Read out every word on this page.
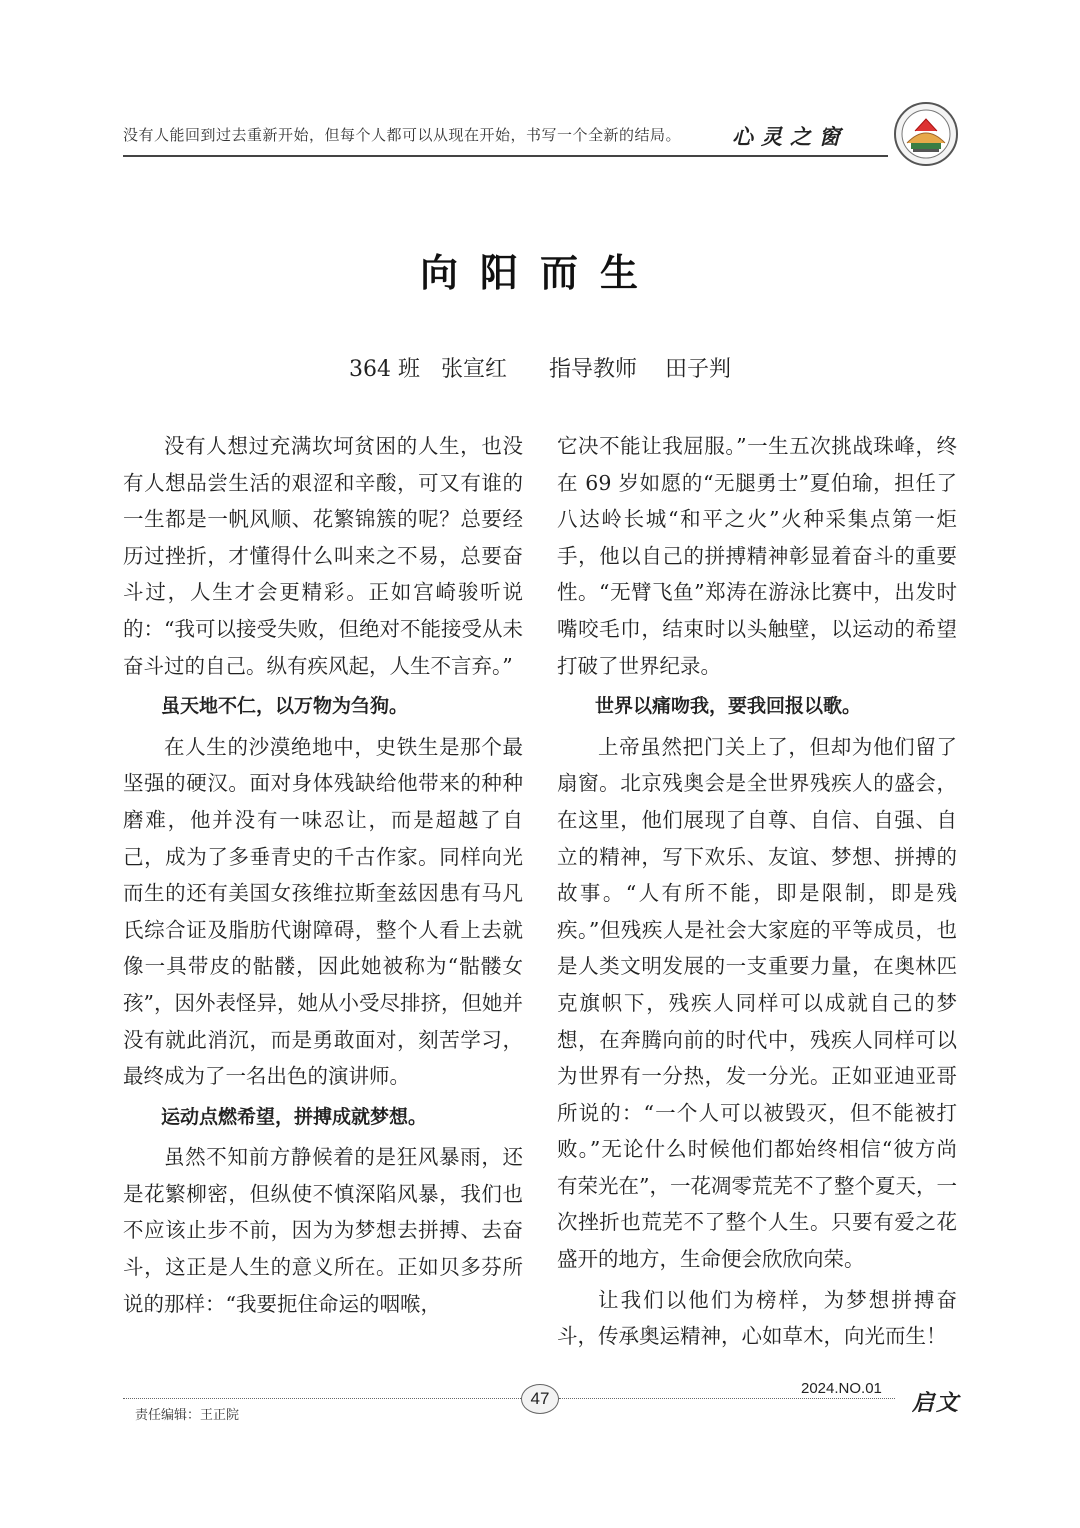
没有人能回到过去重新开始，但每个人都可以从现在开始，书写一个全新的结局。 心灵之窗
向阳而生
364 班   张宣红      指导教师    田子判

没有人想过充满坎坷贫困的人生，也没有人想品尝生活的艰涩和辛酸，可又有谁的一生都是一帆风顺、花繁锦簇的呢？总要经历过挫折，才懂得什么叫来之不易，总要奋斗过，人生才会更精彩。正如宫崎骏听说的：“我可以接受失败，但绝对不能接受从未奋斗过的自己。纵有疾风起，人生不言弃。”

虽天地不仁，以万物为刍狗。

在人生的沙漠绝地中，史铁生是那个最坚强的硬汉。面对身体残缺给他带来的种种磨难，他并没有一味忍让，而是超越了自己，成为了多垂青史的千古作家。同样向光而生的还有美国女孩维拉斯奎兹因患有马凡氏综合证及脂肪代谢障碍，整个人看上去就像一具带皮的骷髅，因此她被称为“骷髅女孩”，因外表怪异，她从小受尽排挤，但她并没有就此消沉，而是勇敢面对，刻苦学习，最终成为了一名出色的演讲师。

运动点燃希望，拼搏成就梦想。

虽然不知前方静候着的是狂风暴雨，还是花繁柳密，但纵使不慎深陷风暴，我们也不应该止步不前，因为为梦想去拼搏、去奋斗，这正是人生的意义所在。正如贝多芬所说的那样：“我要扼住命运的咽喉，

它决不能让我屈服。”一生五次挑战珠峰，终在 69 岁如愿的“无腿勇士”夏伯瑜，担任了八达岭长城“和平之火”火种采集点第一炬手，他以自己的拼搏精神彰显着奋斗的重要性。“无臂飞鱼”郑涛在游泳比赛中，出发时嘴咬毛巾，结束时以头触壁，以运动的希望打破了世界纪录。

世界以痛吻我，要我回报以歌。

上帝虽然把门关上了，但却为他们留了扇窗。北京残奥会是全世界残疾人的盛会，在这里，他们展现了自尊、自信、自强、自立的精神，写下欢乐、友谊、梦想、拼搏的故事。“人有所不能，即是限制，即是残疾。”但残疾人是社会大家庭的平等成员，也是人类文明发展的一支重要力量，在奥林匹克旗帜下，残疾人同样可以成就自己的梦想，在奔腾向前的时代中，残疾人同样可以为世界有一分热，发一分光。正如亚迪亚哥所说的：“一个人可以被毁灭，但不能被打败。”无论什么时候他们都始终相信“彼方尚有荣光在”，一花凋零荒芜不了整个夏天，一次挫折也荒芜不了整个人生。只要有爱之花盛开的地方，生命便会欣欣向荣。

让我们以他们为榜样，为梦想拼搏奋斗，传承奥运精神，心如草木，向光而生！

47
责任编辑：王正院
2024.NO.01
启文
